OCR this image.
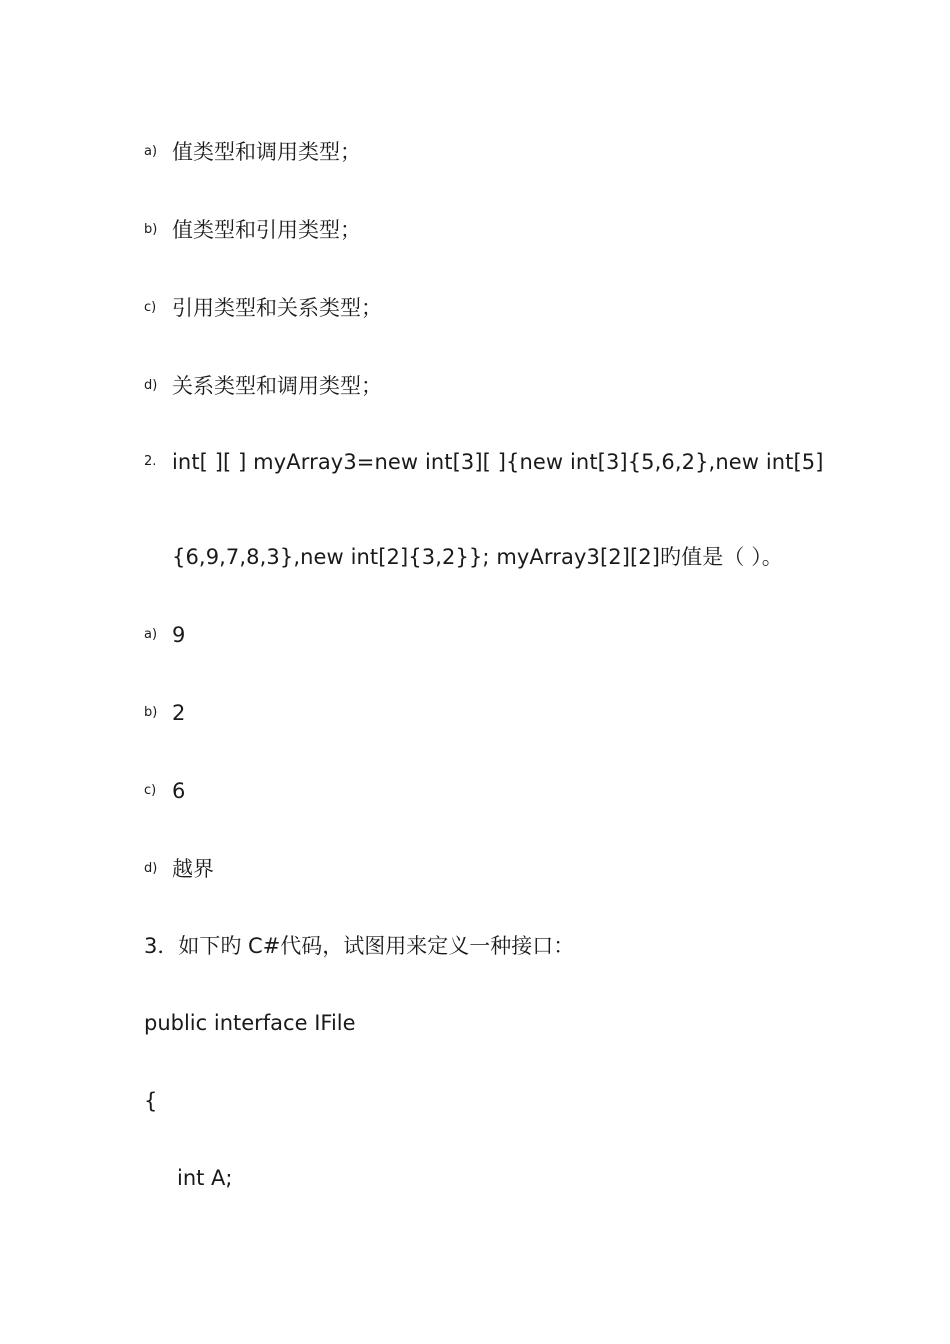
a) 值类型和调用类型；
b) 值类型和引用类型；
c) 引用类型和关系类型；
d) 关系类型和调用类型；
2. int[ ][ ] myArray3=new int[3][ ]{new int[3]{5,6,2},new int[5]
{6,9,7,8,3},new int[2]{3,2}}; myArray3[2][2]旳值是（ ）。
a) 9
b) 2
c) 6
d) 越界
3．如下旳 C#代码，试图用来定义一种接口：
public interface IFile
{
int A;
